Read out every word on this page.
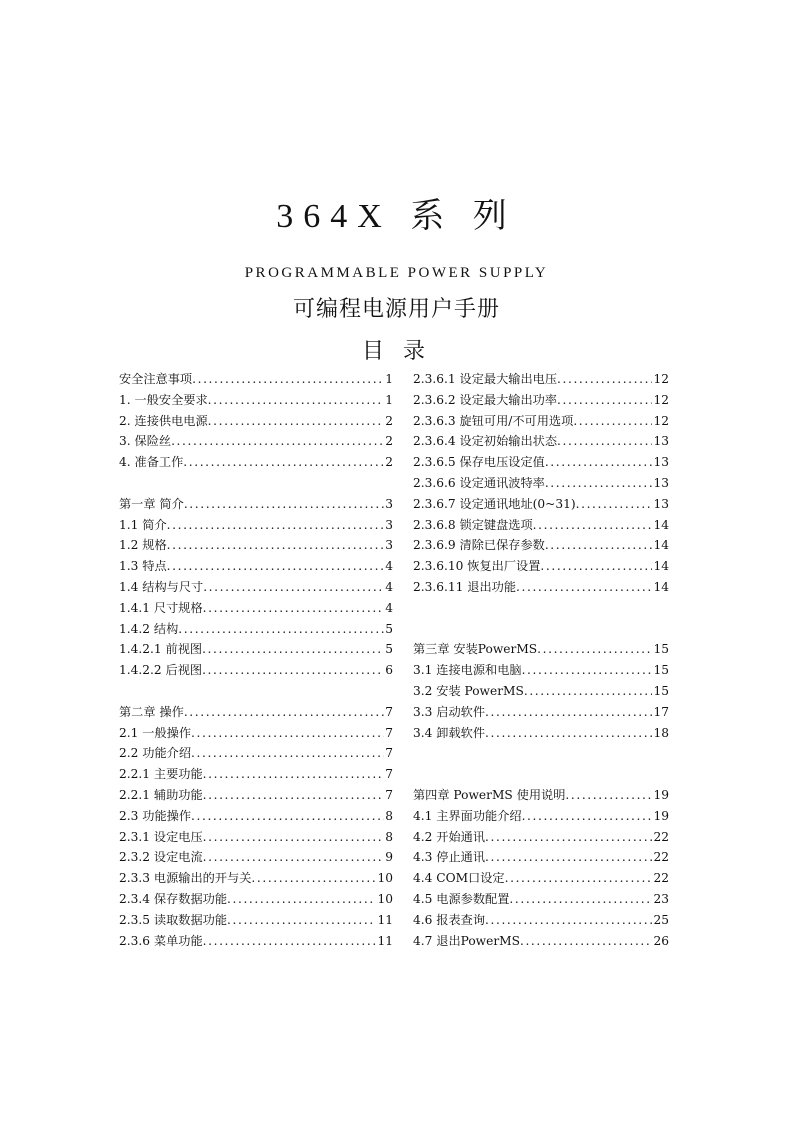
364X 系 列
PROGRAMMABLE POWER SUPPLY
可编程电源用户手册
目 录
安全注意事项 .....	1
1. 一般安全要求 .....	1
2. 连接供电电源 .....	2
3. 保险丝 .....	2
4. 准备工作 .....	2
第一章 简介 .....	3
1.1 简介 .....	3
1.2 规格 .....	3
1.3 特点 .....	4
1.4 结构与尺寸 .....	4
1.4.1 尺寸规格 .....	4
1.4.2 结构 .....	5
1.4.2.1 前视图 .....	5
1.4.2.2 后视图 .....	6
第二章 操作 .....	7
2.1 一般操作 .....	7
2.2 功能介绍 .....	7
2.2.1 主要功能 .....	7
2.2.1 辅助功能 .....	7
2.3 功能操作 .....	8
2.3.1 设定电压 .....	8
2.3.2 设定电流 .....	9
2.3.3 电源输出的开与关 .....	10
2.3.4 保存数据功能 .....	10
2.3.5 读取数据功能 .....	11
2.3.6 菜单功能 .....	11
2.3.6.1 设定最大输出电压 .....	12
2.3.6.2 设定最大输出功率 .....	12
2.3.6.3 旋钮可用/不可用选项 .....	12
2.3.6.4 设定初始输出状态 .....	13
2.3.6.5 保存电压设定值 .....	13
2.3.6.6 设定通讯波特率 .....	13
2.3.6.7 设定通讯地址(0~31) .....	13
2.3.6.8 锁定键盘选项 .....	14
2.3.6.9 清除已保存参数 .....	14
2.3.6.10 恢复出厂设置 .....	14
2.3.6.11 退出功能 .....	14
第三章 安装PowerMS .....	15
3.1 连接电源和电脑 .....	15
3.2 安装 PowerMS .....	15
3.3 启动软件 .....	17
3.4 卸载软件 .....	18
第四章 PowerMS 使用说明 .....	19
4.1 主界面功能介绍 .....	19
4.2 开始通讯 .....	22
4.3 停止通讯 .....	22
4.4 COM口设定 .....	22
4.5 电源参数配置 .....	23
4.6 报表查询 .....	25
4.7 退出PowerMS .....	26
